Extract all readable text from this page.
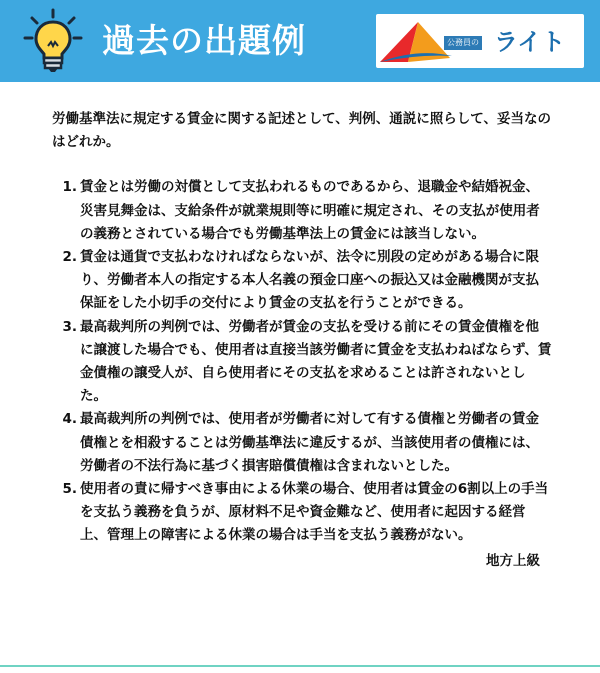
過去の出題例	公務員の ライト

労働基準法に規定する賃金に関する記述として、判例、通説に照らして、妥当なのはどれか。

1. 賃金とは労働の対償として支払われるものであるから、退職金や結婚祝金、災害見舞金は、支給条件が就業規則等に明確に規定され、その支払が使用者の義務とされている場合でも労働基準法上の賃金には該当しない。
2. 賃金は通貨で支払わなければならないが、法令に別段の定めがある場合に限り、労働者本人の指定する本人名義の預金口座への振込又は金融機関が支払保証をした小切手の交付により賃金の支払を行うことができる。
3. 最高裁判所の判例では、労働者が賃金の支払を受ける前にその賃金債権を他に譲渡した場合でも、使用者は直接当該労働者に賃金を支払わねばならず、賃金債権の譲受人が、自ら使用者にその支払を求めることは許されないとした。
4. 最高裁判所の判例では、使用者が労働者に対して有する債権と労働者の賃金債権とを相殺することは労働基準法に違反するが、当該使用者の債権には、労働者の不法行為に基づく損害賠償債権は含まれないとした。
5. 使用者の責に帰すべき事由による休業の場合、使用者は賃金の6割以上の手当を支払う義務を負うが、原材料不足や資金難など、使用者に起因する経営上、管理上の障害による休業の場合は手当を支払う義務がない。
地方上級
